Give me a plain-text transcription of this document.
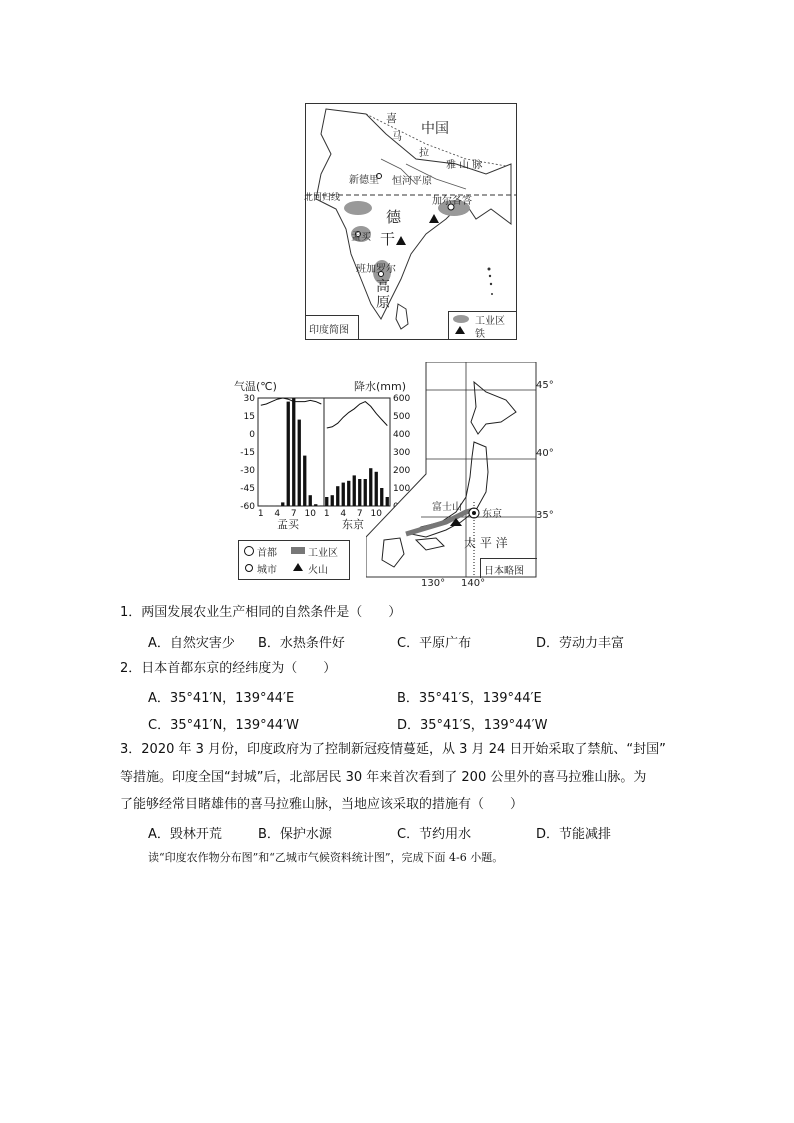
喜
中国
马
拉
雅 山 脉
新德里 恒河平原
加尔各答
北回归线
德
孟买 干
班加罗尔
高
原
印度简图
工业区
铁
气温(℃)	降水(mm)
30
15
0
-15
-30
-45
-60
600
500
400
300
200
100
1 4 7 10 1 4 7 10
孟买	东京
45°
40°
35°
富士山
东京
太 平 洋
130° 140°
日本略图
首都	工业区
城市	火山
1．两国发展农业生产相同的自然条件是（　　）
A．自然灾害少 B．水热条件好	C．平原广布	D．劳动力丰富
2．日本首都东京的经纬度为（　　）
A．35°41′N，139°44′E	B．35°41′S，139°44′E
C．35°41′N，139°44′W	D．35°41′S，139°44′W
3．2020 年 3 月份，印度政府为了控制新冠疫情蔓延，从 3 月 24 日开始采取了禁航、“封国”
等措施。印度全国“封城”后，北部居民 30 年来首次看到了 200 公里外的喜马拉雅山脉。为
了能够经常目睹雄伟的喜马拉雅山脉，当地应该采取的措施有（　　）
A．毁林开荒	B．保护水源	C．节约用水	D．节能减排
读“印度农作物分布图”和“乙城市气候资料统计图”，完成下面 4-6 小题。
